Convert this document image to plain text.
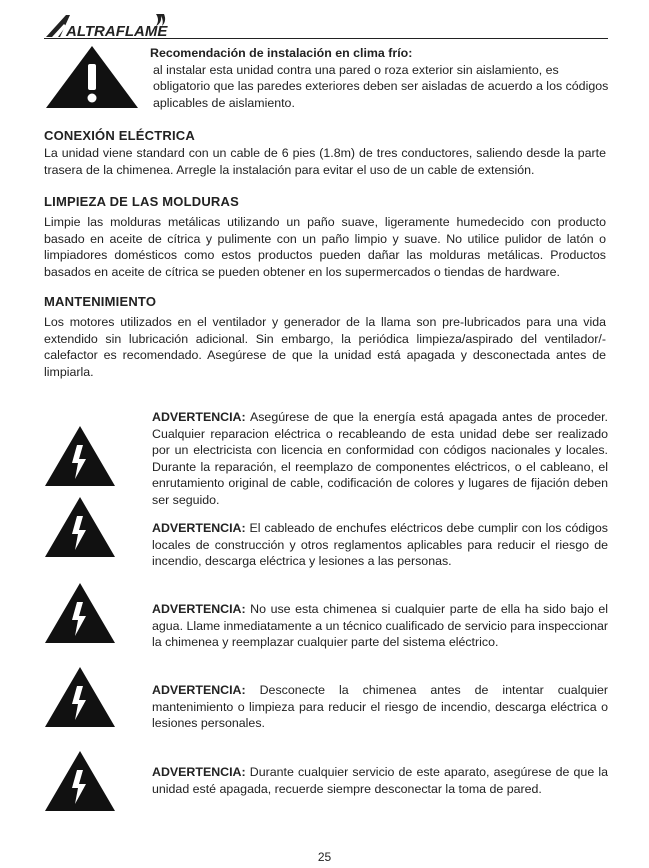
ALTRAFLAME
Recomendación de instalación en clima frío:
al instalar esta unidad contra una pared o roza exterior sin aislamiento, es obligatorio que las paredes exteriores deben ser aisladas de acuerdo a los códigos aplicables de aislamiento.
CONEXIÓN ELÉCTRICA
La unidad viene standard con un cable de 6 pies (1.8m) de tres conductores, saliendo desde la parte trasera de la chimenea. Arregle la instalación para evitar el uso de un cable de extensión.
LIMPIEZA DE LAS MOLDURAS
Limpie las molduras metálicas utilizando un paño suave, ligeramente humedecido con producto basado en aceite de cítrica y pulimente con un paño limpio y suave. No utilice pulidor de latón o limpiadores domésticos como estos productos pueden dañar las molduras metálicas. Productos basados en aceite de cítrica se pueden obtener en los supermercados o tiendas de hardware.
MANTENIMIENTO
Los motores utilizados en el ventilador y generador de la llama son pre-lubricados para una vida extendido sin lubricación adicional. Sin embargo, la periódica limpieza/aspirado del ventilador/-calefactor es recomendado. Asegúrese de que la unidad está apagada y desconectada antes de limpiarla.
ADVERTENCIA: Asegúrese de que la energía está apagada antes de proceder. Cualquier reparacion eléctrica o recableando de esta unidad debe ser realizado por un electricista con licencia en conformidad con códigos nacionales y locales. Durante la reparación, el reemplazo de componentes eléctricos, o el cableano, el enrutamiento original de cable, codificación de colores y lugares de fijación deben ser seguido.
ADVERTENCIA: El cableado de enchufes eléctricos debe cumplir con los códigos locales de construcción y otros reglamentos aplicables para reducir el riesgo de incendio, descarga eléctrica y lesiones a las personas.
ADVERTENCIA: No use esta chimenea si cualquier parte de ella ha sido bajo el agua. Llame inmediatamente a un técnico cualificado de servicio para inspeccionar la chimenea y reemplazar cualquier parte del sistema eléctrico.
ADVERTENCIA: Desconecte la chimenea antes de intentar cualquier mantenimiento o limpieza para reducir el riesgo de incendio, descarga eléctrica o lesiones personales.
ADVERTENCIA: Durante cualquier servicio de este aparato, asegúrese de que la unidad esté apagada, recuerde siempre desconectar la toma de pared.
25
